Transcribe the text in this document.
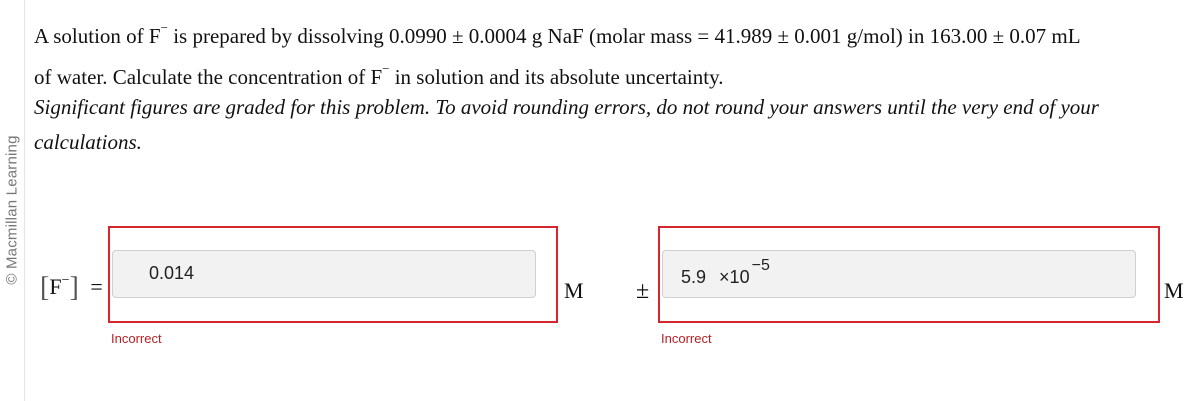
© Macmillan Learning
A solution of F− is prepared by dissolving 0.0990 ± 0.0004 g NaF (molar mass = 41.989 ± 0.001 g/mol) in 163.00 ± 0.07 mL
of water. Calculate the concentration of F− in solution and its absolute uncertainty.
Significant figures are graded for this problem. To avoid rounding errors, do not round your answers until the very end of your
calculations.
[F−] =
0.014
M ±
$5.9 \times 10^{-5}$
M
Incorrect	Incorrect
